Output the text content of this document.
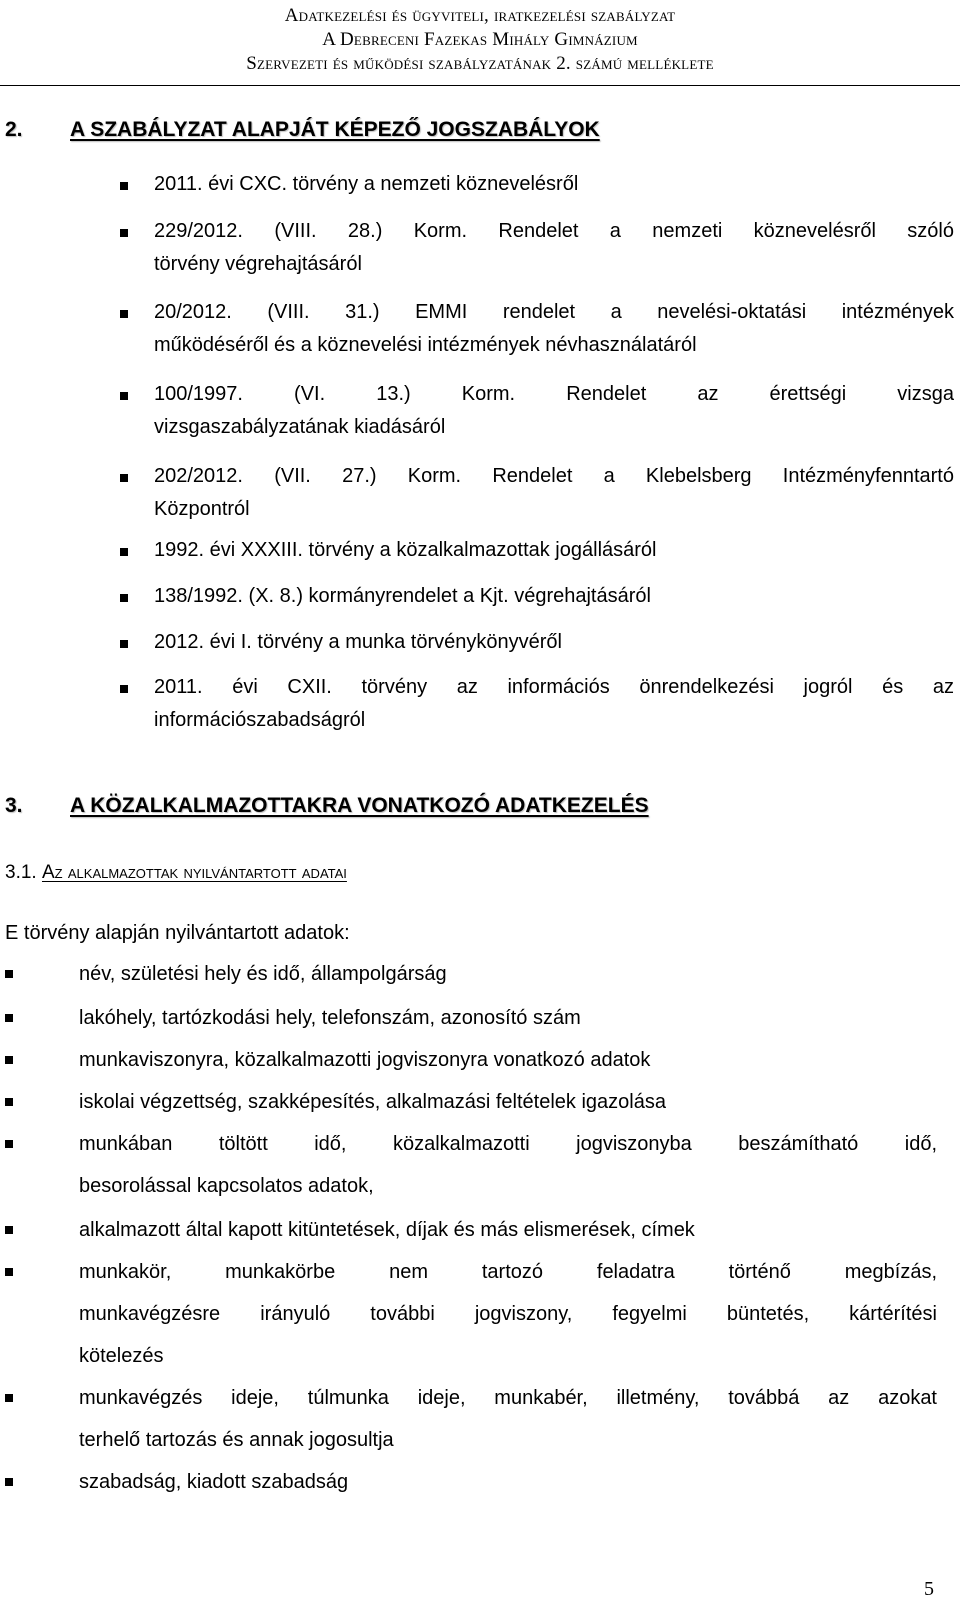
Adatkezelési és ügyviteli, iratkezelési szabályzat
A Debreceni Fazekas Mihály Gimnázium
Szervezeti és működési szabályzatának 2. számú melléklete
2. A SZABÁLYZAT ALAPJÁT KÉPEZŐ JOGSZABÁLYOK
2011. évi CXC. törvény a nemzeti köznevelésről
229/2012. (VIII. 28.) Korm. Rendelet a nemzeti köznevelésről szóló
törvény végrehajtásáról
20/2012. (VIII. 31.) EMMI rendelet a nevelési-oktatási intézmények
működéséről és a köznevelési intézmények névhasználatáról
100/1997. (VI. 13.) Korm. Rendelet az érettségi vizsga
vizsgaszabályzatának kiadásáról
202/2012. (VII. 27.) Korm. Rendelet a Klebelsberg Intézményfenntartó
Központról
1992. évi XXXIII. törvény a közalkalmazottak jogállásáról
138/1992. (X. 8.) kormányrendelet a Kjt. végrehajtásáról
2012. évi I. törvény a munka törvénykönyvéről
2011. évi CXII. törvény az információs önrendelkezési jogról és az
információszabadságról
3. A KÖZALKALMAZOTTAKRA VONATKOZÓ ADATKEZELÉS
3.1. Az alkalmazottak nyilvántartott adatai
E törvény alapján nyilvántartott adatok:
név, születési hely és idő, állampolgárság
lakóhely, tartózkodási hely, telefonszám, azonosító szám
munkaviszonyra, közalkalmazotti jogviszonyra vonatkozó adatok
iskolai végzettség, szakképesítés, alkalmazási feltételek igazolása
munkában töltött idő, közalkalmazotti jogviszonyba beszámítható idő,
besorolással kapcsolatos adatok,
alkalmazott által kapott kitüntetések, díjak és más elismerések, címek
munkakör, munkakörbe nem tartozó feladatra történő megbízás,
munkavégzésre irányuló további jogviszony, fegyelmi büntetés, kártérítési
kötelezés
munkavégzés ideje, túlmunka ideje, munkabér, illetmény, továbbá az azokat
terhelő tartozás és annak jogosultja
szabadság, kiadott szabadság
5
